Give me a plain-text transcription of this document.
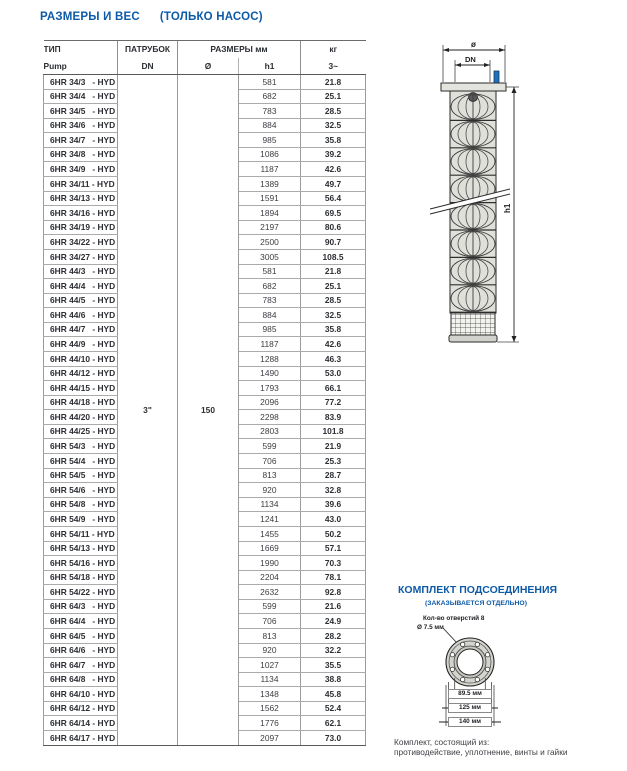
РАЗМЕРЫ И ВЕС (ТОЛЬКО НАСОС)
ТИП	ПАТРУБОК	РАЗМЕРЫ мм		кг
Pump	DN	Ø	h1	3~
6HR 34/3   - HYD	3"	150	581	21.8
6HR 34/4   - HYD			682	25.1
6HR 34/5   - HYD			783	28.5
6HR 34/6   - HYD			884	32.5
6HR 34/7   - HYD			985	35.8
6HR 34/8   - HYD			1086	39.2
6HR 34/9   - HYD			1187	42.6
6HR 34/11 - HYD			1389	49.7
6HR 34/13 - HYD			1591	56.4
6HR 34/16 - HYD			1894	69.5
6HR 34/19 - HYD			2197	80.6
6HR 34/22 - HYD			2500	90.7
6HR 34/27 - HYD			3005	108.5
6HR 44/3   - HYD			581	21.8
6HR 44/4   - HYD			682	25.1
6HR 44/5   - HYD			783	28.5
6HR 44/6   - HYD			884	32.5
6HR 44/7   - HYD			985	35.8
6HR 44/9   - HYD			1187	42.6
6HR 44/10 - HYD			1288	46.3
6HR 44/12 - HYD			1490	53.0
6HR 44/15 - HYD			1793	66.1
6HR 44/18 - HYD			2096	77.2
6HR 44/20 - HYD			2298	83.9
6HR 44/25 - HYD			2803	101.8
6HR 54/3   - HYD			599	21.9
6HR 54/4   - HYD			706	25.3
6HR 54/5   - HYD			813	28.7
6HR 54/6   - HYD			920	32.8
6HR 54/8   - HYD			1134	39.6
6HR 54/9   - HYD			1241	43.0
6HR 54/11 - HYD			1455	50.2
6HR 54/13 - HYD			1669	57.1
6HR 54/16 - HYD			1990	70.3
6HR 54/18 - HYD			2204	78.1
6HR 54/22 - HYD			2632	92.8
6HR 64/3   - HYD			599	21.6
6HR 64/4   - HYD			706	24.9
6HR 64/5   - HYD			813	28.2
6HR 64/6   - HYD			920	32.2
6HR 64/7   - HYD			1027	35.5
6HR 64/8   - HYD			1134	38.8
6HR 64/10 - HYD			1348	45.8
6HR 64/12 - HYD			1562	52.4
6HR 64/14 - HYD			1776	62.1
6HR 64/17 - HYD			2097	73.0
ø
DN
h1
КОМПЛЕКТ ПОДСОЕДИНЕНИЯ
(ЗАКАЗЫВАЕТСЯ ОТДЕЛЬНО)
Кол-во отверстий 8
Ø 7.5 мм
89.5 мм
125 мм
140 мм
Комплект, состоящий из:
противодействие, уплотнение, винты и гайки
